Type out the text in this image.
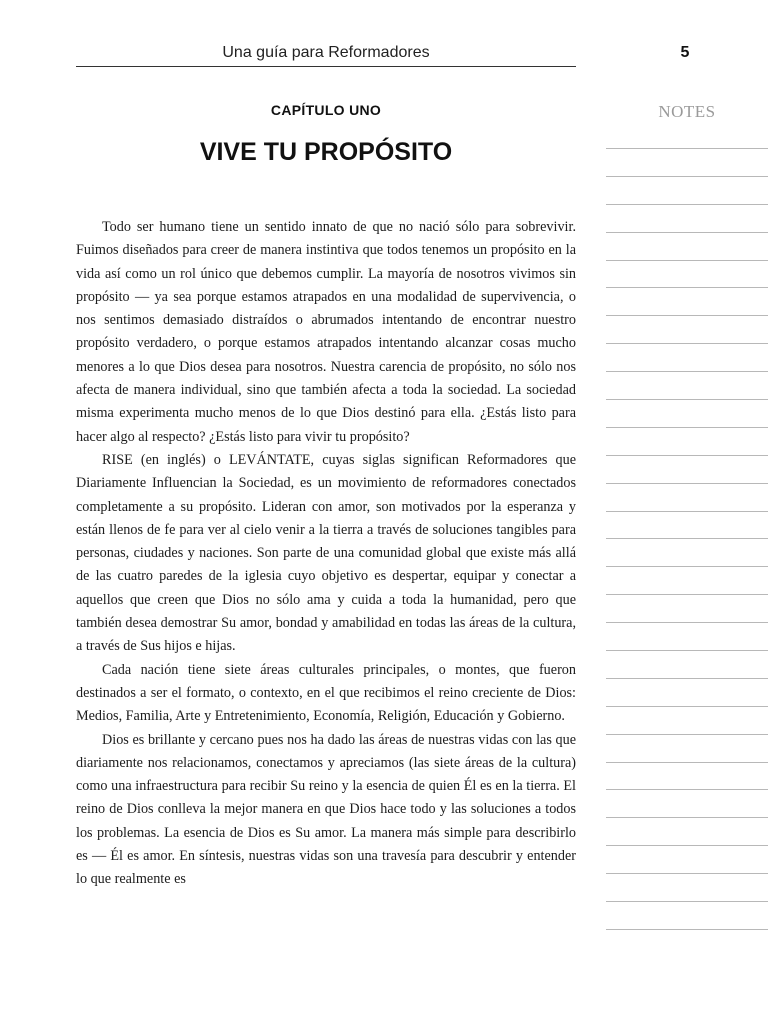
Una guía para Reformadores	5
CAPÍTULO UNO
VIVE TU PROPÓSITO

Todo ser humano tiene un sentido innato de que no nació sólo para sobrevivir. Fuimos diseñados para creer de manera instintiva que todos tenemos un propósito en la vida así como un rol único que debemos cumplir. La mayoría de nosotros vivimos sin propósito — ya sea porque estamos atrapados en una modalidad de supervivencia, o nos sentimos demasiado distraídos o abrumados intentando de encontrar nuestro propósito verdadero, o porque estamos atrapados intentando alcanzar cosas mucho menores a lo que Dios desea para nosotros. Nuestra carencia de propósito, no sólo nos afecta de manera individual, sino que también afecta a toda la sociedad. La sociedad misma experimenta mucho menos de lo que Dios destinó para ella. ¿Estás listo para hacer algo al respecto? ¿Estás listo para vivir tu propósito?

RISE (en inglés) o LEVÁNTATE, cuyas siglas significan Reformadores que Diariamente Influencian la Sociedad, es un movimiento de reformadores conectados completamente a su propósito. Lideran con amor, son motivados por la esperanza y están llenos de fe para ver al cielo venir a la tierra a través de soluciones tangibles para personas, ciudades y naciones. Son parte de una comunidad global que existe más allá de las cuatro paredes de la iglesia cuyo objetivo es despertar, equipar y conectar a aquellos que creen que Dios no sólo ama y cuida a toda la humanidad, pero que también desea demostrar Su amor, bondad y amabilidad en todas las áreas de la cultura, a través de Sus hijos e hijas.

Cada nación tiene siete áreas culturales principales, o montes, que fueron destinados a ser el formato, o contexto, en el que recibimos el reino creciente de Dios: Medios, Familia, Arte y Entretenimiento, Economía, Religión, Educación y Gobierno.

Dios es brillante y cercano pues nos ha dado las áreas de nuestras vidas con las que diariamente nos relacionamos, conectamos y apreciamos (las siete áreas de la cultura) como una infraestructura para recibir Su reino y la esencia de quien Él es en la tierra. El reino de Dios conlleva la mejor manera en que Dios hace todo y las soluciones a todos los problemas. La esencia de Dios es Su amor. La manera más simple para describirlo es — Él es amor. En síntesis, nuestras vidas son una travesía para descubrir y entender lo que realmente es

NOTES
